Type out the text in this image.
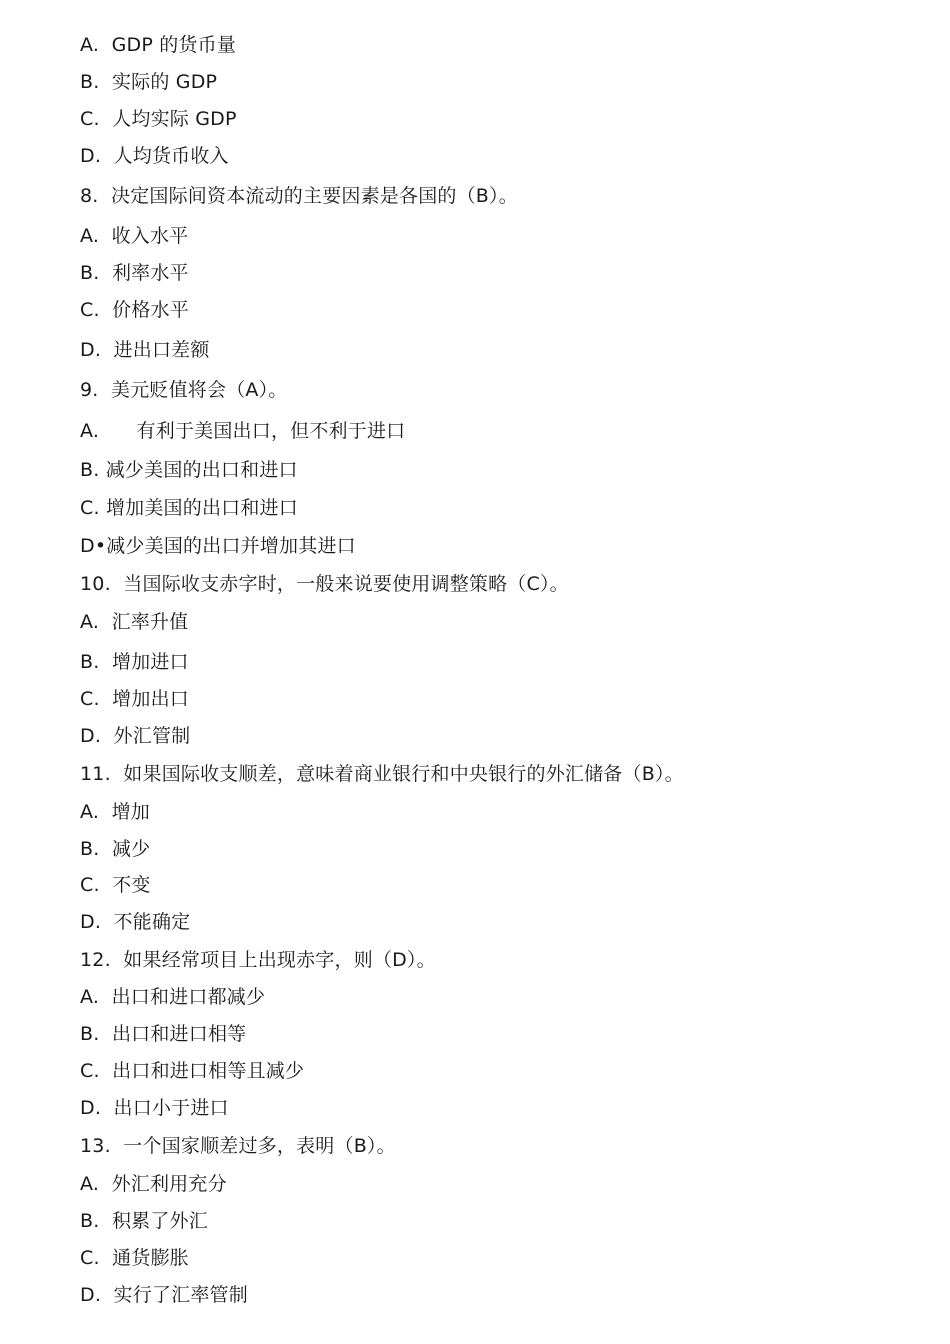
A.  GDP 的货币量
B.  实际的 GDP
C.  人均实际 GDP
D.  人均货币收入
8.  决定国际间资本流动的主要因素是各国的（B）。
A.  收入水平
B.  利率水平
C.  价格水平
D.  进出口差额
9.  美元贬值将会（A）。
A.      有利于美国出口，但不利于进口
B. 减少美国的出口和进口
C. 增加美国的出口和进口
D•减少美国的出口并增加其进口
10.  当国际收支赤字时，一般来说要使用调整策略（C）。
A.  汇率升值
B.  增加进口
C.  增加出口
D.  外汇管制
11.  如果国际收支顺差，意味着商业银行和中央银行的外汇储备（B）。
A.  增加
B.  减少
C.  不变
D.  不能确定
12.  如果经常项目上出现赤字，则（D）。
A.  出口和进口都减少
B.  出口和进口相等
C.  出口和进口相等且减少
D.  出口小于进口
13.  一个国家顺差过多，表明（B）。
A.  外汇利用充分
B.  积累了外汇
C.  通货膨胀
D.  实行了汇率管制
